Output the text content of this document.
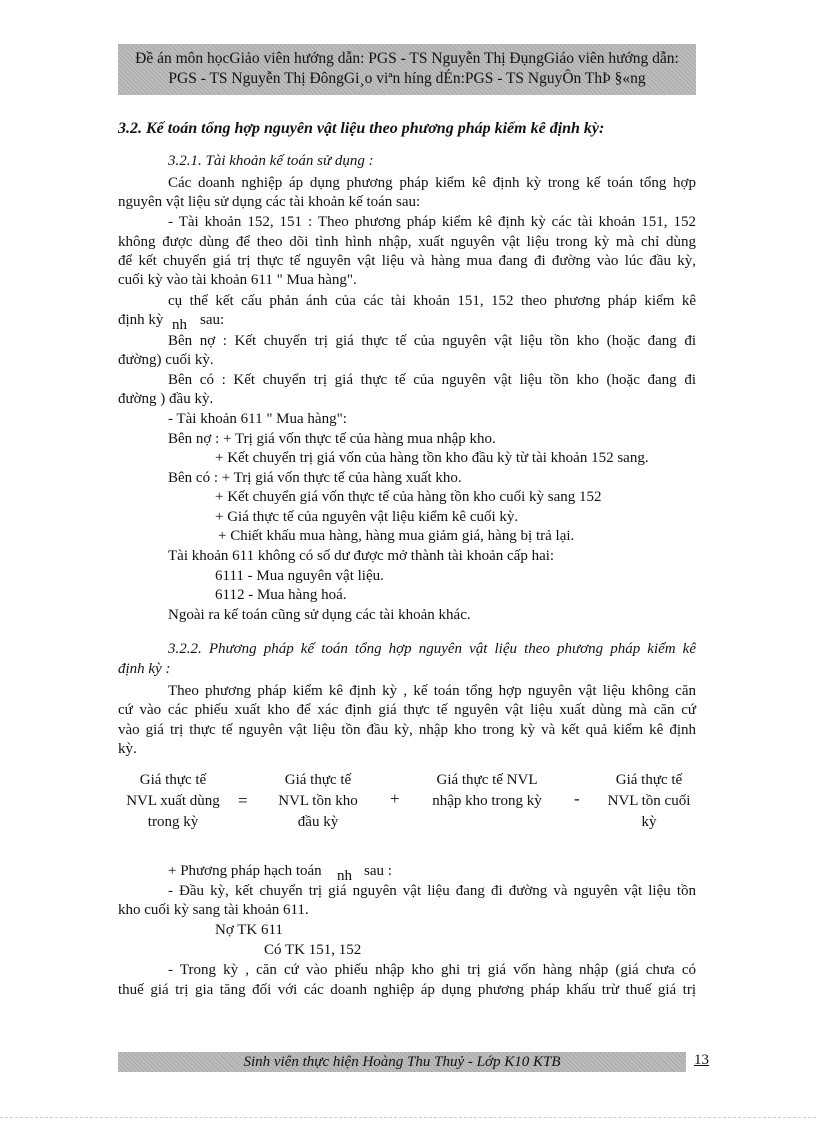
Đề án môn họcGiảo viên hướng dẫn: PGS - TS Nguyễn Thị ĐụngGiáo viên hướng dẫn:
PGS - TS Nguyễn Thị ĐôngGi¸o viªn híng dÉn:PGS - TS NguyÔn ThÞ §«ng
3.2. Kế toán tổng hợp nguyên vật liệu theo phương pháp kiểm kê định kỳ:
3.2.1. Tài khoản kế toán sử dụng :
Các doanh nghiệp áp dụng phương pháp kiểm kê định kỳ trong kế toán tổng hợp
nguyên vật liệu sử dụng các tài khoản kế toán sau:
- Tài khoản 152, 151 : Theo phương pháp kiểm kê định kỳ các tài khoản 151, 152
không được dùng để theo dõi tình hình nhập, xuất nguyên vật liệu trong kỳ mà chỉ dùng
để kết chuyển giá trị thực tế nguyên vật liệu và hàng mua đang đi đường vào lúc đầu kỳ,
cuối kỳ vào tài khoản 611 " Mua hàng".
cụ thể kết cấu phản ánh của các tài khoản 151, 152 theo phương pháp kiểm kê
định kỳ nh sau:
Bên nợ : Kết chuyển trị giá thực tế của nguyên vật liệu tồn kho (hoặc đang đi
đường) cuối kỳ.
Bên có : Kết chuyển trị giá thực tế của nguyên vật liệu tồn kho (hoặc đang đi
đường ) đầu kỳ.
- Tài khoản 611 " Mua hàng":
Bên nợ : + Trị giá vốn thực tế của hàng mua nhập kho.
+ Kết chuyển trị giá vốn của hàng tồn kho đầu kỳ từ tài khoản 152 sang.
Bên có : + Trị giá vốn thực tế của hàng xuất kho.
+ Kết chuyển giá vốn thực tế của hàng tồn kho cuối kỳ sang 152
+ Giá thực tế của nguyên vật liệu kiểm kê cuối kỳ.
+ Chiết khấu mua hàng, hàng mua giảm giá, hàng bị trả lại.
Tài khoản 611 không có số dư được mở thành tài khoản cấp hai:
6111 - Mua nguyên vật liệu.
6112 - Mua hàng hoá.
Ngoài ra kế toán cũng sử dụng các tài khoản khác.
3.2.2. Phương pháp kế toán tổng hợp nguyên vật liệu theo phương pháp kiểm kê
định kỳ :
Theo phương pháp kiểm kê định kỳ , kế toán tổng hợp nguyên vật liệu không căn
cứ vào các phiếu xuất kho để xác định giá thực tế nguyên vật liệu xuất dùng mà căn cứ
vào giá trị thực tế nguyên vật liệu tồn đầu kỳ, nhập kho trong kỳ và kết quả kiểm kê định
kỳ.
Giá thực tế
NVL xuất dùng
trong kỳ
=
Giá thực tế
NVL tồn kho
đầu kỳ
+
Giá thực tế NVL
nhập kho trong kỳ	-
Giá thực tế
NVL tồn cuối
kỳ
+ Phương pháp hạch toán nh sau :
- Đầu kỳ, kết chuyển trị giá nguyên vật liệu đang đi đường và nguyên vật liệu tồn
kho cuối kỳ sang tài khoản 611.
Nợ TK 611
Có TK 151, 152
- Trong kỳ , căn cứ vào phiếu nhập kho ghi trị giá vốn hàng nhập (giá chưa có
thuế giá trị gia tăng đối với các doanh nghiệp áp dụng phương pháp khấu trừ thuế giá trị
Sinh viên thực hiện Hoàng Thu Thuỷ - Lớp K10 KTB	13
